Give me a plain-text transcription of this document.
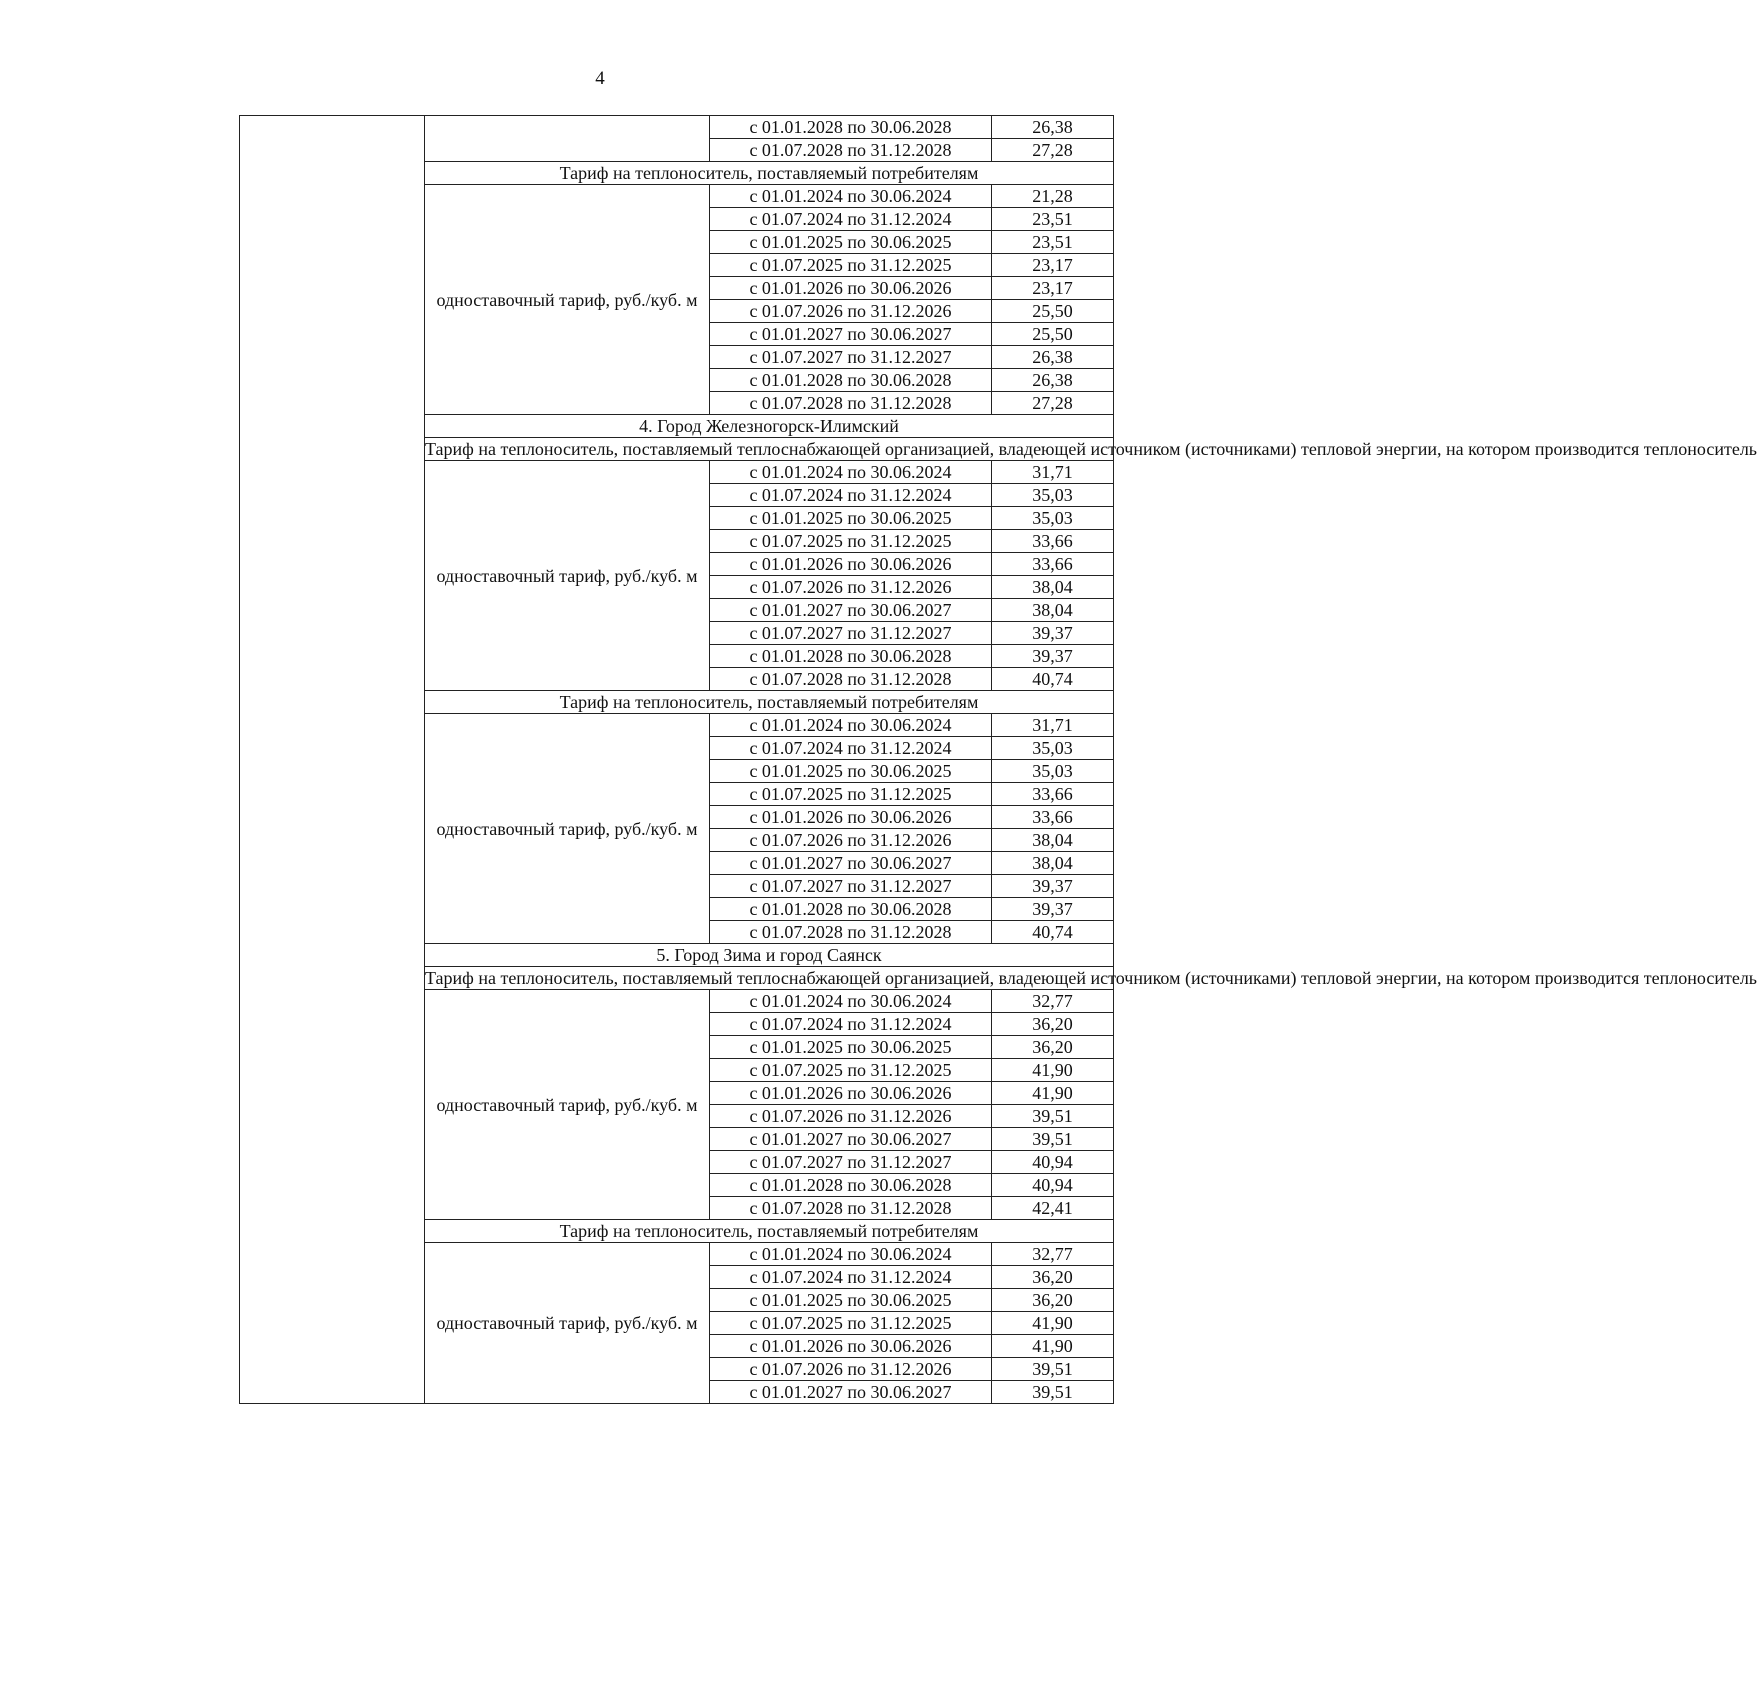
4
		с 01.01.2028 по 30.06.2028	26,38
		с 01.07.2028 по 31.12.2028	27,28
	Тариф на теплоноситель, поставляемый потребителям		
	одноставочный тариф, руб./куб. м	с 01.01.2024 по 30.06.2024	21,28
		с 01.07.2024 по 31.12.2024	23,51
		с 01.01.2025 по 30.06.2025	23,51
		с 01.07.2025 по 31.12.2025	23,17
		с 01.01.2026 по 30.06.2026	23,17
		с 01.07.2026 по 31.12.2026	25,50
		с 01.01.2027 по 30.06.2027	25,50
		с 01.07.2027 по 31.12.2027	26,38
		с 01.01.2028 по 30.06.2028	26,38
		с 01.07.2028 по 31.12.2028	27,28
	4. Город Железногорск-Илимский		
	Тариф на теплоноситель, поставляемый теплоснабжающей организацией, владеющей источником (источниками) тепловой энергии, на котором производится теплоноситель		
	одноставочный тариф, руб./куб. м	с 01.01.2024 по 30.06.2024	31,71
		с 01.07.2024 по 31.12.2024	35,03
		с 01.01.2025 по 30.06.2025	35,03
		с 01.07.2025 по 31.12.2025	33,66
		с 01.01.2026 по 30.06.2026	33,66
		с 01.07.2026 по 31.12.2026	38,04
		с 01.01.2027 по 30.06.2027	38,04
		с 01.07.2027 по 31.12.2027	39,37
		с 01.01.2028 по 30.06.2028	39,37
		с 01.07.2028 по 31.12.2028	40,74
	Тариф на теплоноситель, поставляемый потребителям		
	одноставочный тариф, руб./куб. м	с 01.01.2024 по 30.06.2024	31,71
		с 01.07.2024 по 31.12.2024	35,03
		с 01.01.2025 по 30.06.2025	35,03
		с 01.07.2025 по 31.12.2025	33,66
		с 01.01.2026 по 30.06.2026	33,66
		с 01.07.2026 по 31.12.2026	38,04
		с 01.01.2027 по 30.06.2027	38,04
		с 01.07.2027 по 31.12.2027	39,37
		с 01.01.2028 по 30.06.2028	39,37
		с 01.07.2028 по 31.12.2028	40,74
	5. Город Зима и город Саянск		
	Тариф на теплоноситель, поставляемый теплоснабжающей организацией, владеющей источником (источниками) тепловой энергии, на котором производится теплоноситель		
	одноставочный тариф, руб./куб. м	с 01.01.2024 по 30.06.2024	32,77
		с 01.07.2024 по 31.12.2024	36,20
		с 01.01.2025 по 30.06.2025	36,20
		с 01.07.2025 по 31.12.2025	41,90
		с 01.01.2026 по 30.06.2026	41,90
		с 01.07.2026 по 31.12.2026	39,51
		с 01.01.2027 по 30.06.2027	39,51
		с 01.07.2027 по 31.12.2027	40,94
		с 01.01.2028 по 30.06.2028	40,94
		с 01.07.2028 по 31.12.2028	42,41
	Тариф на теплоноситель, поставляемый потребителям		
	одноставочный тариф, руб./куб. м	с 01.01.2024 по 30.06.2024	32,77
		с 01.07.2024 по 31.12.2024	36,20
		с 01.01.2025 по 30.06.2025	36,20
		с 01.07.2025 по 31.12.2025	41,90
		с 01.01.2026 по 30.06.2026	41,90
		с 01.07.2026 по 31.12.2026	39,51
		с 01.01.2027 по 30.06.2027	39,51
